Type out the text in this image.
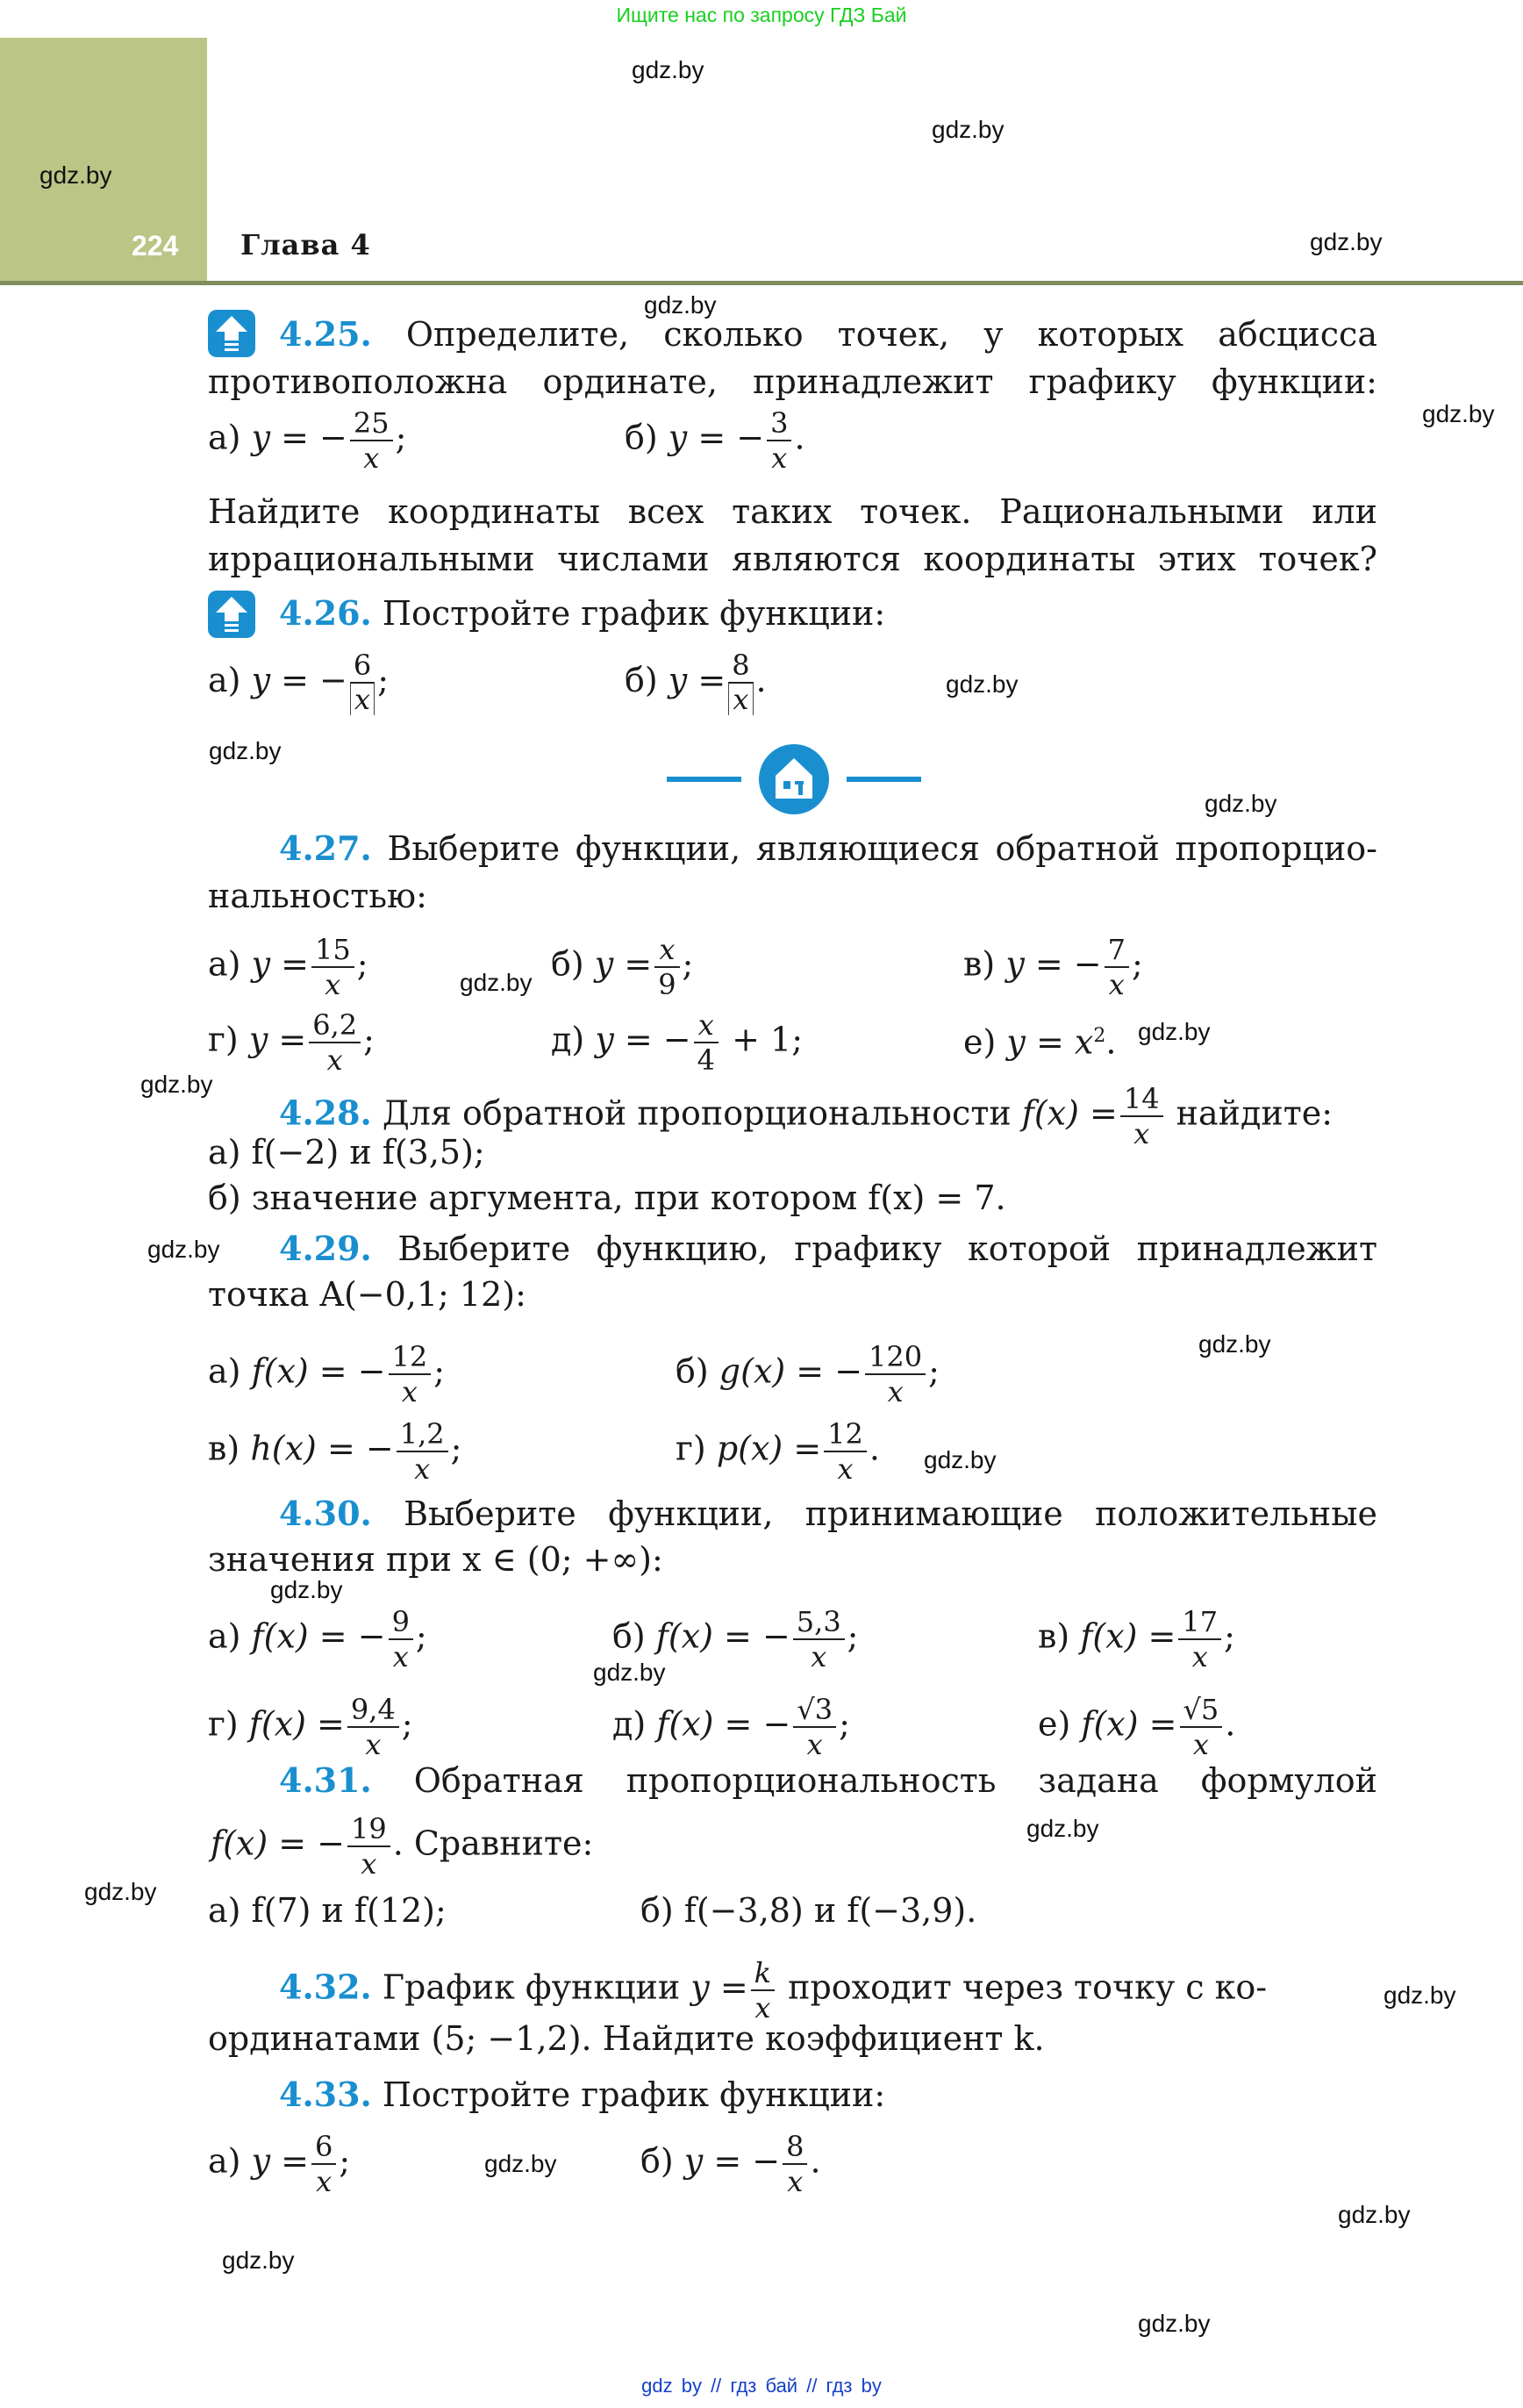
Ищите нас по запросу ГДЗ Бай
224 Глава 4
gdz.by
gdz.by
gdz.by
gdz.by
gdz.by
gdz.by
gdz.by
gdz.by
gdz.by
gdz.by
gdz.by
gdz.by
gdz.by
gdz.by
gdz.by
gdz.by
gdz.by
gdz.by
gdz.by
gdz.by
gdz.by
gdz.by
gdz.by
gdz.by
4.25. Определите, сколько точек, у которых абсцисса
противоположна ординате, принадлежит графику функции:
а) y = − $\frac{25}{x}$ ;	б) y = − $\frac{3}{x}$ .
Найдите координаты всех таких точек. Рациональными или
иррациональными числами являются координаты этих точек?
4.26. Постройте график функции:
а) y = − $\frac{6}{x}$ ;	б) $y = \frac{8}{x}$ .
4.27. Выберите функции, являющиеся обратной пропорцио-
нальностью:
а) $y = \frac{15}{x}$ ;	б) $y = \frac{x}{9}$ ;	в) y = − $\frac{7}{x}$ ;
г) $y = \frac{6,2}{x}$ ;	д) y = − $\frac{x}{4} + 1$;	е) $y = x^2$.
4.28. Для обратной пропорциональности $f(x) = \frac{14}{x}$ найдите:
а) f(−2) и f(3,5);
б) значение аргумента, при котором f(x) = 7.
4.29. Выберите функцию, графику которой принадлежит
точка A(−0,1; 12):
а) f(x) = − $\frac{12}{x}$ ;	б) g(x) = − $\frac{120}{x}$ ;
в) h(x) = − $\frac{1,2}{x}$ ;	г) $p(x) = \frac{12}{x}$ .
4.30. Выберите функции, принимающие положительные
значения при x ∈ (0; +∞):
а) f(x) = − $\frac{9}{x}$ ;	б) f(x) = − $\frac{5,3}{x}$ ;	в) $f(x) = \frac{17}{x}$ ;
г) $f(x) = \frac{9,4}{x}$ ;	д) f(x) = − $\frac{√3}{x}$ ;	е) $f(x) = \frac{√5}{x}$ .
4.31. Обратная пропорциональность задана формулой
f(x) = − $\frac{19}{x}$ . Сравните:
а) f(7) и f(12);	б) f(−3,8) и f(−3,9).
4.32. График функции $y = \frac{k}{x}$ проходит через точку с ко-
ординатами (5; −1,2). Найдите коэффициент k.
4.33. Постройте график функции:
а) $y = \frac{6}{x}$ ;	б) y = − $\frac{8}{x}$ .
gdz by // гдз бай // гдз by
